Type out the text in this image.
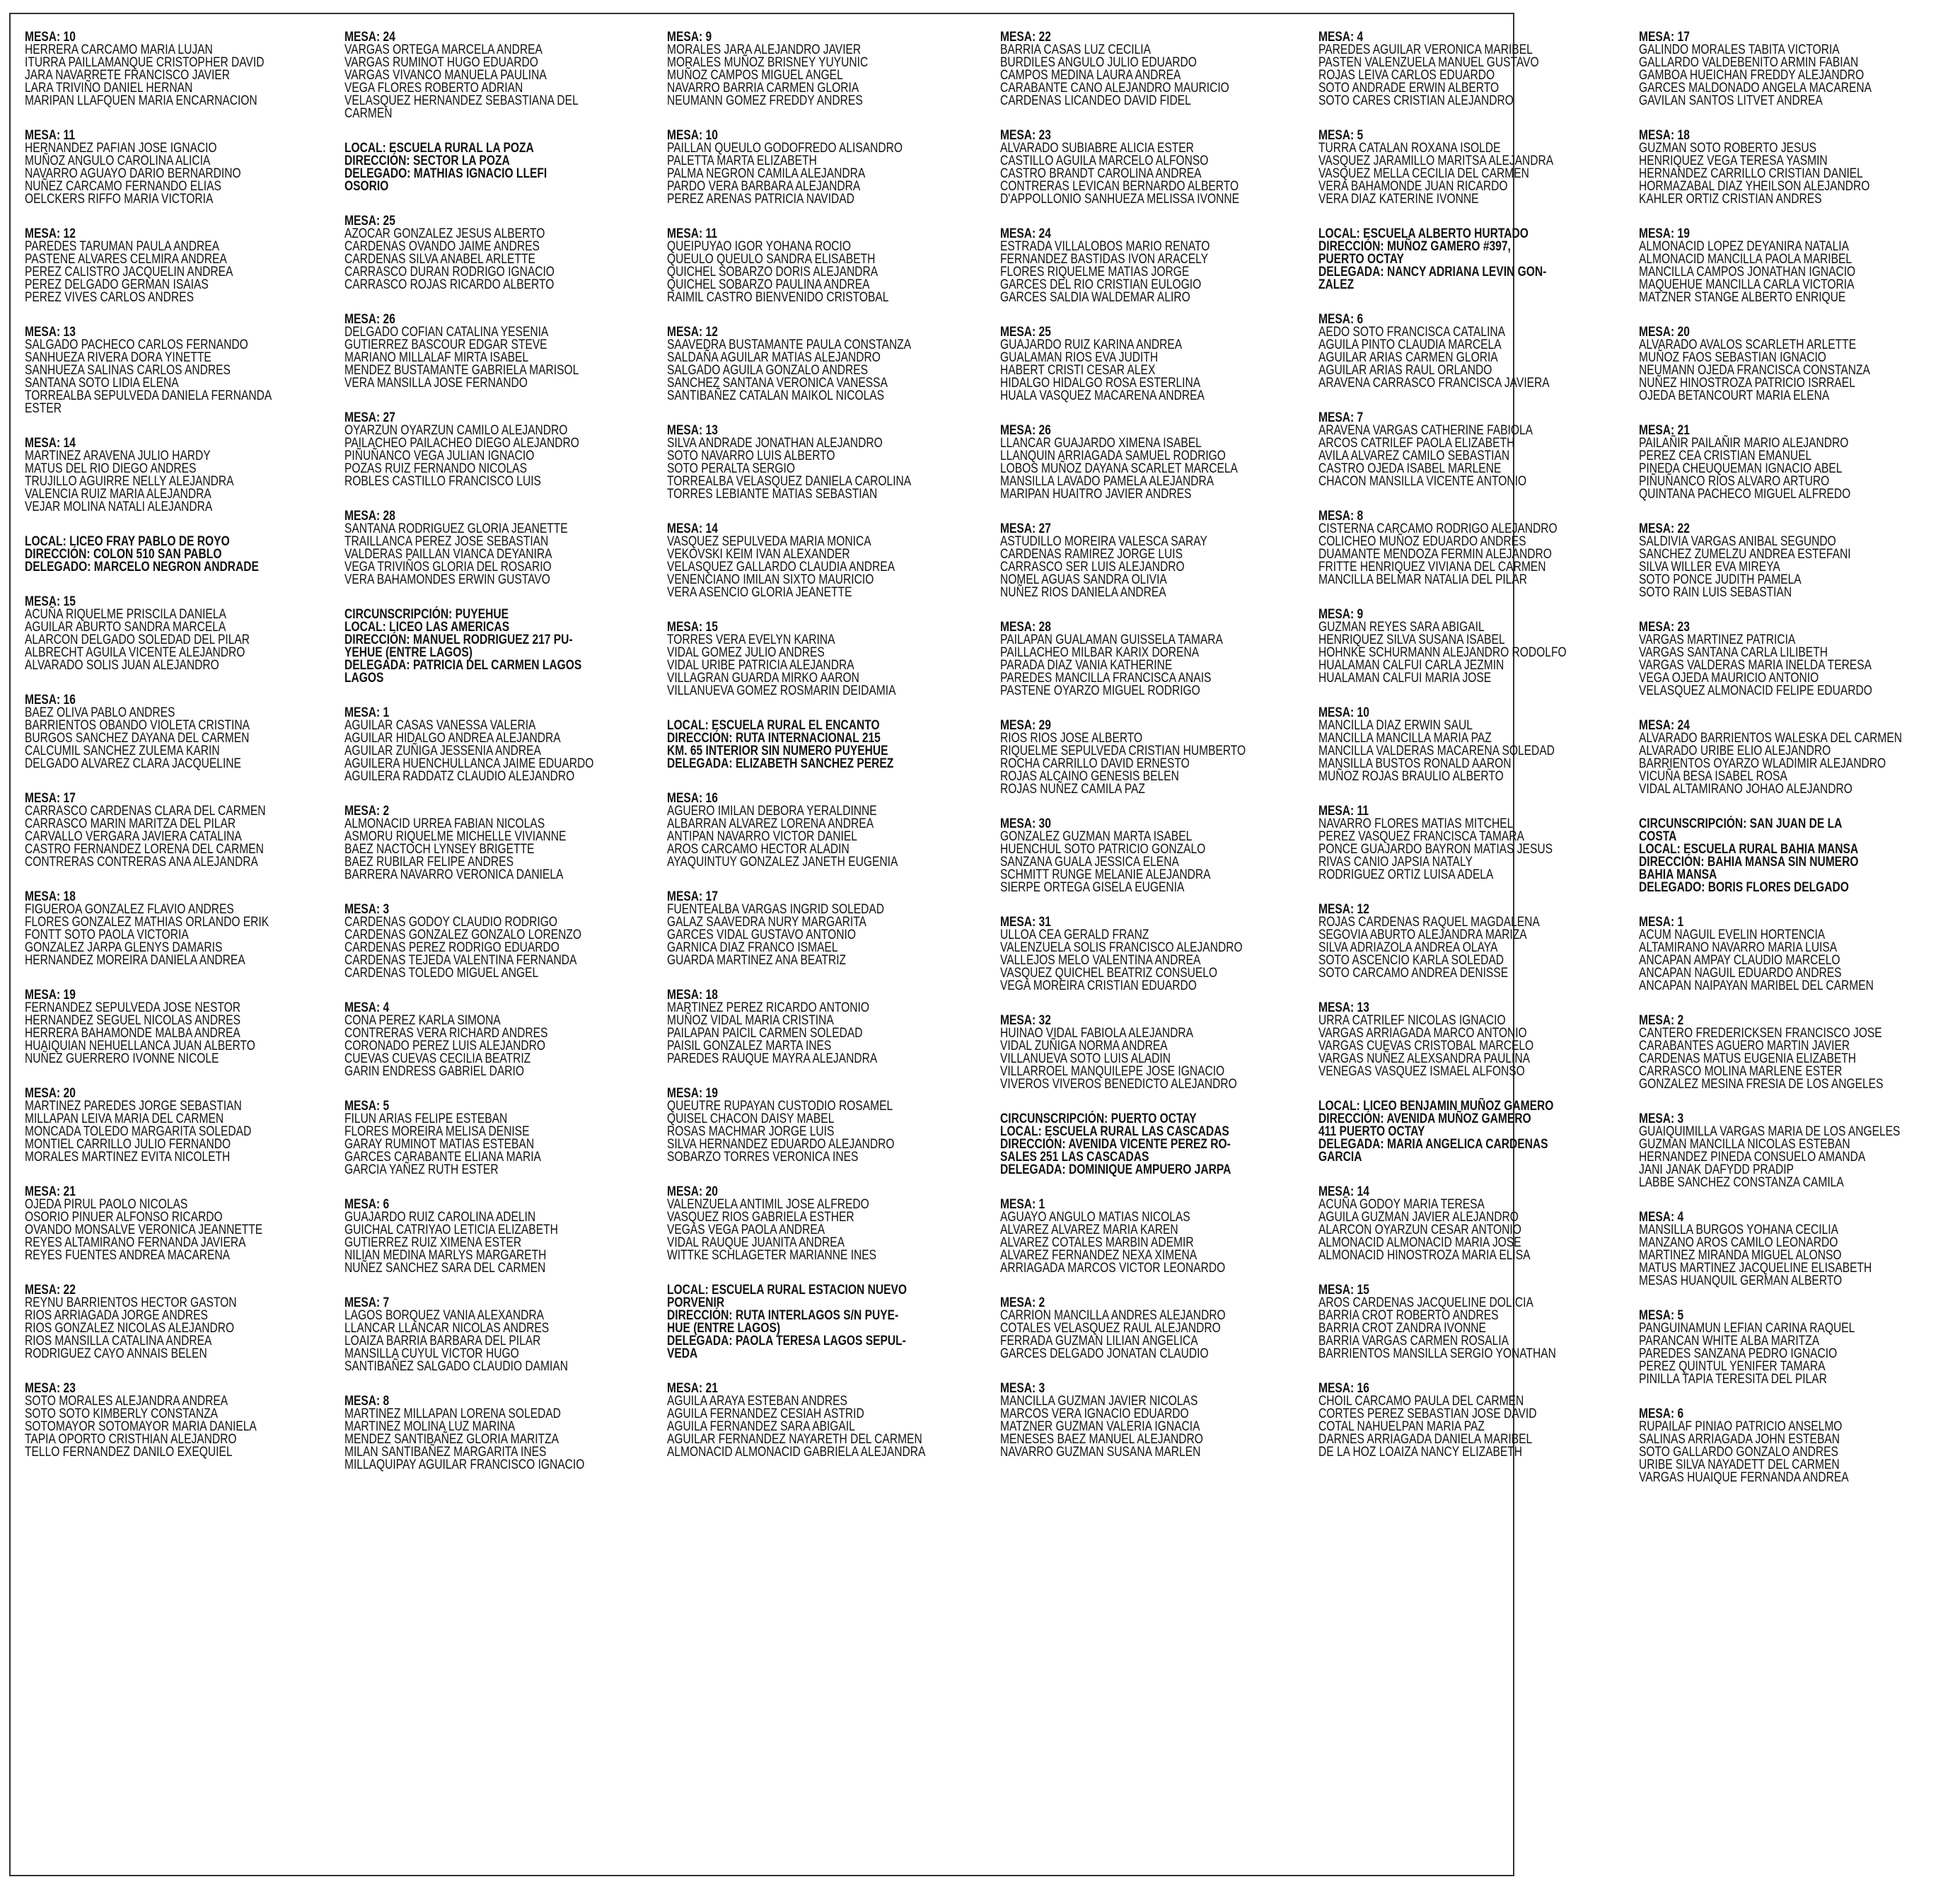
MESA: 10
HERRERA CARCAMO MARIA LUJAN
ITURRA PAILLAMANQUE CRISTOPHER DAVID
JARA NAVARRETE FRANCISCO JAVIER
LARA TRIVIÑO DANIEL HERNAN
MARIPAN LLAFQUEN MARIA ENCARNACION
MESA: 11
HERNANDEZ PAFIAN JOSE IGNACIO
MUÑOZ ANGULO CAROLINA ALICIA
NAVARRO AGUAYO DARIO BERNARDINO
NUÑEZ CARCAMO FERNANDO ELIAS
OELCKERS RIFFO MARIA VICTORIA
MESA: 12
PAREDES TARUMAN PAULA ANDREA
PASTENE ALVARES CELMIRA ANDREA
PEREZ CALISTRO JACQUELIN ANDREA
PEREZ DELGADO GERMAN ISAIAS
PEREZ VIVES CARLOS ANDRES
MESA: 13
SALGADO PACHECO CARLOS FERNANDO
SANHUEZA RIVERA DORA YINETTE
SANHUEZA SALINAS CARLOS ANDRES
SANTANA SOTO LIDIA ELENA
TORREALBA SEPULVEDA DANIELA FERNANDA
ESTER
MESA: 14
MARTINEZ ARAVENA JULIO HARDY
MATUS DEL RIO DIEGO ANDRES
TRUJILLO AGUIRRE NELLY ALEJANDRA
VALENCIA RUIZ MARIA ALEJANDRA
VEJAR MOLINA NATALI ALEJANDRA
LOCAL: LICEO FRAY PABLO DE ROYO
DIRECCIÓN: COLON 510 SAN PABLO
DELEGADO: MARCELO NEGRON ANDRADE
MESA: 15
ACUÑA RIQUELME PRISCILA DANIELA
AGUILAR ABURTO SANDRA MARCELA
ALARCON DELGADO SOLEDAD DEL PILAR
ALBRECHT AGUILA VICENTE ALEJANDRO
ALVARADO SOLIS JUAN ALEJANDRO
MESA: 16
BAEZ OLIVA PABLO ANDRES
BARRIENTOS OBANDO VIOLETA CRISTINA
BURGOS SANCHEZ DAYANA DEL CARMEN
CALCUMIL SANCHEZ ZULEMA KARIN
DELGADO ALVAREZ CLARA JACQUELINE
MESA: 17
CARRASCO CARDENAS CLARA DEL CARMEN
CARRASCO MARIN MARITZA DEL PILAR
CARVALLO VERGARA JAVIERA CATALINA
CASTRO FERNANDEZ LORENA DEL CARMEN
CONTRERAS CONTRERAS ANA ALEJANDRA
MESA: 18
FIGUEROA GONZALEZ FLAVIO ANDRES
FLORES GONZALEZ MATHIAS ORLANDO ERIK
FONTT SOTO PAOLA VICTORIA
GONZALEZ JARPA GLENYS DAMARIS
HERNANDEZ MOREIRA DANIELA ANDREA
MESA: 19
FERNANDEZ SEPULVEDA JOSE NESTOR
HERNANDEZ SEGUEL NICOLAS ANDRES
HERRERA BAHAMONDE MALBA ANDREA
HUAIQUIAN NEHUELLANCA JUAN ALBERTO
NUÑEZ GUERRERO IVONNE NICOLE
MESA: 20
MARTINEZ PAREDES JORGE SEBASTIAN
MILLAPAN LEIVA MARIA DEL CARMEN
MONCADA TOLEDO MARGARITA SOLEDAD
MONTIEL CARRILLO JULIO FERNANDO
MORALES MARTINEZ EVITA NICOLETH
MESA: 21
OJEDA PIRUL PAOLO NICOLAS
OSORIO PINUER ALFONSO RICARDO
OVANDO MONSALVE VERONICA JEANNETTE
REYES ALTAMIRANO FERNANDA JAVIERA
REYES FUENTES ANDREA MACARENA
MESA: 22
REYNU BARRIENTOS HECTOR GASTON
RIOS ARRIAGADA JORGE ANDRES
RIOS GONZALEZ NICOLAS ALEJANDRO
RIOS MANSILLA CATALINA ANDREA
RODRIGUEZ CAYO ANNAIS BELEN
MESA: 23
SOTO MORALES ALEJANDRA ANDREA
SOTO SOTO KIMBERLY CONSTANZA
SOTOMAYOR SOTOMAYOR MARIA DANIELA
TAPIA OPORTO CRISTHIAN ALEJANDRO
TELLO FERNANDEZ DANILO EXEQUIEL
MESA: 24
VARGAS ORTEGA MARCELA ANDREA
VARGAS RUMINOT HUGO EDUARDO
VARGAS VIVANCO MANUELA PAULINA
VEGA FLORES ROBERTO ADRIAN
VELASQUEZ HERNANDEZ SEBASTIANA DEL
CARMEN
LOCAL: ESCUELA RURAL LA POZA
DIRECCIÓN: SECTOR LA POZA
DELEGADO: MATHIAS IGNACIO LLEFI
OSORIO
MESA: 25
AZOCAR GONZALEZ JESUS ALBERTO
CARDENAS OVANDO JAIME ANDRES
CARDENAS SILVA ANABEL ARLETTE
CARRASCO DURAN RODRIGO IGNACIO
CARRASCO ROJAS RICARDO ALBERTO
MESA: 26
DELGADO COFIAN CATALINA YESENIA
GUTIERREZ BASCOUR EDGAR STEVE
MARIANO MILLALAF MIRTA ISABEL
MENDEZ BUSTAMANTE GABRIELA MARISOL
VERA MANSILLA JOSE FERNANDO
MESA: 27
OYARZUN OYARZUN CAMILO ALEJANDRO
PAILACHEO PAILACHEO DIEGO ALEJANDRO
PIÑUÑANCO VEGA JULIAN IGNACIO
POZAS RUIZ FERNANDO NICOLAS
ROBLES CASTILLO FRANCISCO LUIS
MESA: 28
SANTANA RODRIGUEZ GLORIA JEANETTE
TRAILLANCA PEREZ JOSE SEBASTIAN
VALDERAS PAILLAN VIANCA DEYANIRA
VEGA TRIVIÑOS GLORIA DEL ROSARIO
VERA BAHAMONDES ERWIN GUSTAVO
CIRCUNSCRIPCIÓN: PUYEHUE
LOCAL: LICEO LAS AMERICAS
DIRECCIÓN: MANUEL RODRIGUEZ 217 PU-
YEHUE (ENTRE LAGOS)
DELEGADA: PATRICIA DEL CARMEN LAGOS
LAGOS
MESA: 1
AGUILAR CASAS VANESSA VALERIA
AGUILAR HIDALGO ANDREA ALEJANDRA
AGUILAR ZUÑIGA JESSENIA ANDREA
AGUILERA HUENCHULLANCA JAIME EDUARDO
AGUILERA RADDATZ CLAUDIO ALEJANDRO
MESA: 2
ALMONACID URREA FABIAN NICOLAS
ASMORU RIQUELME MICHELLE VIVIANNE
BAEZ NACTOCH LYNSEY BRIGETTE
BAEZ RUBILAR FELIPE ANDRES
BARRERA NAVARRO VERONICA DANIELA
MESA: 3
CARDENAS GODOY CLAUDIO RODRIGO
CARDENAS GONZALEZ GONZALO LORENZO
CARDENAS PEREZ RODRIGO EDUARDO
CARDENAS TEJEDA VALENTINA FERNANDA
CARDENAS TOLEDO MIGUEL ANGEL
MESA: 4
CONA PEREZ KARLA SIMONA
CONTRERAS VERA RICHARD ANDRES
CORONADO PEREZ LUIS ALEJANDRO
CUEVAS CUEVAS CECILIA BEATRIZ
GARIN ENDRESS GABRIEL DARIO
MESA: 5
FILUN ARIAS FELIPE ESTEBAN
FLORES MOREIRA MELISA DENISE
GARAY RUMINOT MATIAS ESTEBAN
GARCES CARABANTE ELIANA MARIA
GARCIA YAÑEZ RUTH ESTER
MESA: 6
GUAJARDO RUIZ CAROLINA ADELIN
GUICHAL CATRIYAO LETICIA ELIZABETH
GUTIERREZ RUIZ XIMENA ESTER
NILIAN MEDINA MARLYS MARGARETH
NUÑEZ SANCHEZ SARA DEL CARMEN
MESA: 7
LAGOS BORQUEZ VANIA ALEXANDRA
LLANCAR LLANCAR NICOLAS ANDRES
LOAIZA BARRIA BARBARA DEL PILAR
MANSILLA CUYUL VICTOR HUGO
SANTIBAÑEZ SALGADO CLAUDIO DAMIAN
MESA: 8
MARTINEZ MILLAPAN LORENA SOLEDAD
MARTINEZ MOLINA LUZ MARINA
MENDEZ SANTIBAÑEZ GLORIA MARITZA
MILAN SANTIBAÑEZ MARGARITA INES
MILLAQUIPAY AGUILAR FRANCISCO IGNACIO
MESA: 9
MORALES JARA ALEJANDRO JAVIER
MORALES MUÑOZ BRISNEY YUYUNIC
MUÑOZ CAMPOS MIGUEL ANGEL
NAVARRO BARRIA CARMEN GLORIA
NEUMANN GOMEZ FREDDY ANDRES
MESA: 10
PAILLAN QUEULO GODOFREDO ALISANDRO
PALETTA MARTA ELIZABETH
PALMA NEGRON CAMILA ALEJANDRA
PARDO VERA BARBARA ALEJANDRA
PEREZ ARENAS PATRICIA NAVIDAD
MESA: 11
QUEIPUYAO IGOR YOHANA ROCIO
QUEULO QUEULO SANDRA ELISABETH
QUICHEL SOBARZO DORIS ALEJANDRA
QUICHEL SOBARZO PAULINA ANDREA
RAIMIL CASTRO BIENVENIDO CRISTOBAL
MESA: 12
SAAVEDRA BUSTAMANTE PAULA CONSTANZA
SALDAÑA AGUILAR MATIAS ALEJANDRO
SALGADO AGUILA GONZALO ANDRES
SANCHEZ SANTANA VERONICA VANESSA
SANTIBAÑEZ CATALAN MAIKOL NICOLAS
MESA: 13
SILVA ANDRADE JONATHAN ALEJANDRO
SOTO NAVARRO LUIS ALBERTO
SOTO PERALTA SERGIO
TORREALBA VELASQUEZ DANIELA CAROLINA
TORRES LEBIANTE MATIAS SEBASTIAN
MESA: 14
VASQUEZ SEPULVEDA MARIA MONICA
VEKOVSKI KEIM IVAN ALEXANDER
VELASQUEZ GALLARDO CLAUDIA ANDREA
VENENCIANO IMILAN SIXTO MAURICIO
VERA ASENCIO GLORIA JEANETTE
MESA: 15
TORRES VERA EVELYN KARINA
VIDAL GOMEZ JULIO ANDRES
VIDAL URIBE PATRICIA ALEJANDRA
VILLAGRAN GUARDA MIRKO AARON
VILLANUEVA GOMEZ ROSMARIN DEIDAMIA
LOCAL: ESCUELA RURAL EL ENCANTO
DIRECCIÓN: RUTA INTERNACIONAL 215
KM. 65 INTERIOR SIN NUMERO PUYEHUE
DELEGADA: ELIZABETH SANCHEZ PEREZ
MESA: 16
AGUERO IMILAN DEBORA YERALDINNE
ALBARRAN ALVAREZ LORENA ANDREA
ANTIPAN NAVARRO VICTOR DANIEL
AROS CARCAMO HECTOR ALADIN
AYAQUINTUY GONZALEZ JANETH EUGENIA
MESA: 17
FUENTEALBA VARGAS INGRID SOLEDAD
GALAZ SAAVEDRA NURY MARGARITA
GARCES VIDAL GUSTAVO ANTONIO
GARNICA DIAZ FRANCO ISMAEL
GUARDA MARTINEZ ANA BEATRIZ
MESA: 18
MARTINEZ PEREZ RICARDO ANTONIO
MUÑOZ VIDAL MARIA CRISTINA
PAILAPAN PAICIL CARMEN SOLEDAD
PAISIL GONZALEZ MARTA INES
PAREDES RAUQUE MAYRA ALEJANDRA
MESA: 19
QUEUTRE RUPAYAN CUSTODIO ROSAMEL
QUISEL CHACON DAISY MABEL
ROSAS MACHMAR JORGE LUIS
SILVA HERNANDEZ EDUARDO ALEJANDRO
SOBARZO TORRES VERONICA INES
MESA: 20
VALENZUELA ANTIMIL JOSE ALFREDO
VASQUEZ RIOS GABRIELA ESTHER
VEGAS VEGA PAOLA ANDREA
VIDAL RAUQUE JUANITA ANDREA
WITTKE SCHLAGETER MARIANNE INES
LOCAL: ESCUELA RURAL ESTACION NUEVO
PORVENIR
DIRECCIÓN: RUTA INTERLAGOS S/N PUYE-
HUE (ENTRE LAGOS)
DELEGADA: PAOLA TERESA LAGOS SEPUL-
VEDA
MESA: 21
AGUILA ARAYA ESTEBAN ANDRES
AGUILA FERNANDEZ CESIAH ASTRID
AGUILA FERNANDEZ SARA ABIGAIL
AGUILAR FERNANDEZ NAYARETH DEL CARMEN
ALMONACID ALMONACID GABRIELA ALEJANDRA
MESA: 22
BARRIA CASAS LUZ CECILIA
BURDILES ANGULO JULIO EDUARDO
CAMPOS MEDINA LAURA ANDREA
CARABANTE CANO ALEJANDRO MAURICIO
CARDENAS LICANDEO DAVID FIDEL
MESA: 23
ALVARADO SUBIABRE ALICIA ESTER
CASTILLO AGUILA MARCELO ALFONSO
CASTRO BRANDT CAROLINA ANDREA
CONTRERAS LEVICAN BERNARDO ALBERTO
D'APPOLLONIO SANHUEZA MELISSA IVONNE
MESA: 24
ESTRADA VILLALOBOS MARIO RENATO
FERNANDEZ BASTIDAS IVON ARACELY
FLORES RIQUELME MATIAS JORGE
GARCES DEL RIO CRISTIAN EULOGIO
GARCES SALDIA WALDEMAR ALIRO
MESA: 25
GUAJARDO RUIZ KARINA ANDREA
GUALAMAN RIOS EVA JUDITH
HABERT CRISTI CESAR ALEX
HIDALGO HIDALGO ROSA ESTERLINA
HUALA VASQUEZ MACARENA ANDREA
MESA: 26
LLANCAR GUAJARDO XIMENA ISABEL
LLANQUIN ARRIAGADA SAMUEL RODRIGO
LOBOS MUÑOZ DAYANA SCARLET MARCELA
MANSILLA LAVADO PAMELA ALEJANDRA
MARIPAN HUAITRO JAVIER ANDRES
MESA: 27
ASTUDILLO MOREIRA VALESCA SARAY
CARDENAS RAMIREZ JORGE LUIS
CARRASCO SER LUIS ALEJANDRO
NOMEL AGUAS SANDRA OLIVIA
NUÑEZ RIOS DANIELA ANDREA
MESA: 28
PAILAPAN GUALAMAN GUISSELA TAMARA
PAILLACHEO MILBAR KARIX DORENA
PARADA DIAZ VANIA KATHERINE
PAREDES MANCILLA FRANCISCA ANAIS
PASTENE OYARZO MIGUEL RODRIGO
MESA: 29
RIOS RIOS JOSE ALBERTO
RIQUELME SEPULVEDA CRISTIAN HUMBERTO
ROCHA CARRILLO DAVID ERNESTO
ROJAS ALCAINO GENESIS BELEN
ROJAS NUÑEZ CAMILA PAZ
MESA: 30
GONZALEZ GUZMAN MARTA ISABEL
HUENCHUL SOTO PATRICIO GONZALO
SANZANA GUALA JESSICA ELENA
SCHMITT RUNGE MELANIE ALEJANDRA
SIERPE ORTEGA GISELA EUGENIA
MESA: 31
ULLOA CEA GERALD FRANZ
VALENZUELA SOLIS FRANCISCO ALEJANDRO
VALLEJOS MELO VALENTINA ANDREA
VASQUEZ QUICHEL BEATRIZ CONSUELO
VEGA MOREIRA CRISTIAN EDUARDO
MESA: 32
HUINAO VIDAL FABIOLA ALEJANDRA
VIDAL ZUÑIGA NORMA ANDREA
VILLANUEVA SOTO LUIS ALADIN
VILLARROEL MANQUILEPE JOSE IGNACIO
VIVEROS VIVEROS BENEDICTO ALEJANDRO
CIRCUNSCRIPCIÓN: PUERTO OCTAY
LOCAL: ESCUELA RURAL LAS CASCADAS
DIRECCIÓN: AVENIDA VICENTE PEREZ RO-
SALES 251 LAS CASCADAS
DELEGADA: DOMINIQUE AMPUERO JARPA
MESA: 1
AGUAYO ANGULO MATIAS NICOLAS
ALVAREZ ALVAREZ MARIA KAREN
ALVAREZ COTALES MARBIN ADEMIR
ALVAREZ FERNANDEZ NEXA XIMENA
ARRIAGADA MARCOS VICTOR LEONARDO
MESA: 2
CARRION MANCILLA ANDRES ALEJANDRO
COTALES VELASQUEZ RAUL ALEJANDRO
FERRADA GUZMAN LILIAN ANGELICA
GARCES DELGADO JONATAN CLAUDIO
MESA: 3
MANCILLA GUZMAN JAVIER NICOLAS
MARCOS VERA IGNACIO EDUARDO
MATZNER GUZMAN VALERIA IGNACIA
MENESES BAEZ MANUEL ALEJANDRO
NAVARRO GUZMAN SUSANA MARLEN
MESA: 4
PAREDES AGUILAR VERONICA MARIBEL
PASTEN VALENZUELA MANUEL GUSTAVO
ROJAS LEIVA CARLOS EDUARDO
SOTO ANDRADE ERWIN ALBERTO
SOTO CARES CRISTIAN ALEJANDRO
MESA: 5
TURRA CATALAN ROXANA ISOLDE
VASQUEZ JARAMILLO MARITSA ALEJANDRA
VASQUEZ MELLA CECILIA DEL CARMEN
VERA BAHAMONDE JUAN RICARDO
VERA DIAZ KATERINE IVONNE
LOCAL: ESCUELA ALBERTO HURTADO
DIRECCIÓN: MUÑOZ GAMERO #397,
PUERTO OCTAY
DELEGADA: NANCY ADRIANA LEVIN GON-
ZALEZ
MESA: 6
AEDO SOTO FRANCISCA CATALINA
AGUILA PINTO CLAUDIA MARCELA
AGUILAR ARIAS CARMEN GLORIA
AGUILAR ARIAS RAUL ORLANDO
ARAVENA CARRASCO FRANCISCA JAVIERA
MESA: 7
ARAVENA VARGAS CATHERINE FABIOLA
ARCOS CATRILEF PAOLA ELIZABETH
AVILA ALVAREZ CAMILO SEBASTIAN
CASTRO OJEDA ISABEL MARLENE
CHACON MANSILLA VICENTE ANTONIO
MESA: 8
CISTERNA CARCAMO RODRIGO ALEJANDRO
COLICHEO MUÑOZ EDUARDO ANDRES
DUAMANTE MENDOZA FERMIN ALEJANDRO
FRITTE HENRIQUEZ VIVIANA DEL CARMEN
MANCILLA BELMAR NATALIA DEL PILAR
MESA: 9
GUZMAN REYES SARA ABIGAIL
HENRIQUEZ SILVA SUSANA ISABEL
HOHNKE SCHURMANN ALEJANDRO RODOLFO
HUALAMAN CALFUI CARLA JEZMIN
HUALAMAN CALFUI MARIA JOSE
MESA: 10
MANCILLA DIAZ ERWIN SAUL
MANCILLA MANCILLA MARIA PAZ
MANCILLA VALDERAS MACARENA SOLEDAD
MANSILLA BUSTOS RONALD AARON
MUÑOZ ROJAS BRAULIO ALBERTO
MESA: 11
NAVARRO FLORES MATIAS MITCHEL
PEREZ VASQUEZ FRANCISCA TAMARA
PONCE GUAJARDO BAYRON MATIAS JESUS
RIVAS CANIO JAPSIA NATALY
RODRIGUEZ ORTIZ LUISA ADELA
MESA: 12
ROJAS CARDENAS RAQUEL MAGDALENA
SEGOVIA ABURTO ALEJANDRA MARIZA
SILVA ADRIAZOLA ANDREA OLAYA
SOTO ASCENCIO KARLA SOLEDAD
SOTO CARCAMO ANDREA DENISSE
MESA: 13
URRA CATRILEF NICOLAS IGNACIO
VARGAS ARRIAGADA MARCO ANTONIO
VARGAS CUEVAS CRISTOBAL MARCELO
VARGAS NUÑEZ ALEXSANDRA PAULINA
VENEGAS VASQUEZ ISMAEL ALFONSO
LOCAL: LICEO BENJAMIN MUÑOZ GAMERO
DIRECCIÓN: AVENIDA MUÑOZ GAMERO
411 PUERTO OCTAY
DELEGADA: MARIA ANGELICA CARDENAS
GARCIA
MESA: 14
ACUÑA GODOY MARIA TERESA
AGUILA GUZMAN JAVIER ALEJANDRO
ALARCON OYARZUN CESAR ANTONIO
ALMONACID ALMONACID MARIA JOSE
ALMONACID HINOSTROZA MARIA ELISA
MESA: 15
AROS CARDENAS JACQUELINE DOLICIA
BARRIA CROT ROBERTO ANDRES
BARRIA CROT ZANDRA IVONNE
BARRIA VARGAS CARMEN ROSALIA
BARRIENTOS MANSILLA SERGIO YONATHAN
MESA: 16
CHOIL CARCAMO PAULA DEL CARMEN
CORTES PEREZ SEBASTIAN JOSE DAVID
COTAL NAHUELPAN MARIA PAZ
DARNES ARRIAGADA DANIELA MARIBEL
DE LA HOZ LOAIZA NANCY ELIZABETH
MESA: 17
GALINDO MORALES TABITA VICTORIA
GALLARDO VALDEBENITO ARMIN FABIAN
GAMBOA HUEICHAN FREDDY ALEJANDRO
GARCES MALDONADO ANGELA MACARENA
GAVILAN SANTOS LITVET ANDREA
MESA: 18
GUZMAN SOTO ROBERTO JESUS
HENRIQUEZ VEGA TERESA YASMIN
HERNANDEZ CARRILLO CRISTIAN DANIEL
HORMAZABAL DIAZ YHEILSON ALEJANDRO
KAHLER ORTIZ CRISTIAN ANDRES
MESA: 19
ALMONACID LOPEZ DEYANIRA NATALIA
ALMONACID MANCILLA PAOLA MARIBEL
MANCILLA CAMPOS JONATHAN IGNACIO
MAQUEHUE MANCILLA CARLA VICTORIA
MATZNER STANGE ALBERTO ENRIQUE
MESA: 20
ALVARADO AVALOS SCARLETH ARLETTE
MUÑOZ FAOS SEBASTIAN IGNACIO
NEUMANN OJEDA FRANCISCA CONSTANZA
NUÑEZ HINOSTROZA PATRICIO ISRRAEL
OJEDA BETANCOURT MARIA ELENA
MESA: 21
PAILAÑIR PAILAÑIR MARIO ALEJANDRO
PEREZ CEA CRISTIAN EMANUEL
PINEDA CHEUQUEMAN IGNACIO ABEL
PIÑUÑANCO RIOS ALVARO ARTURO
QUINTANA PACHECO MIGUEL ALFREDO
MESA: 22
SALDIVIA VARGAS ANIBAL SEGUNDO
SANCHEZ ZUMELZU ANDREA ESTEFANI
SILVA WILLER EVA MIREYA
SOTO PONCE JUDITH PAMELA
SOTO RAIN LUIS SEBASTIAN
MESA: 23
VARGAS MARTINEZ PATRICIA
VARGAS SANTANA CARLA LILIBETH
VARGAS VALDERAS MARIA INELDA TERESA
VEGA OJEDA MAURICIO ANTONIO
VELASQUEZ ALMONACID FELIPE EDUARDO
MESA: 24
ALVARADO BARRIENTOS WALESKA DEL CARMEN
ALVARADO URIBE ELIO ALEJANDRO
BARRIENTOS OYARZO WLADIMIR ALEJANDRO
VICUÑA BESA ISABEL ROSA
VIDAL ALTAMIRANO JOHAO ALEJANDRO
CIRCUNSCRIPCIÓN: SAN JUAN DE LA
COSTA
LOCAL: ESCUELA RURAL BAHIA MANSA
DIRECCIÓN: BAHIA MANSA SIN NUMERO
BAHIA MANSA
DELEGADO: BORIS FLORES DELGADO
MESA: 1
ACUM NAGUIL EVELIN HORTENCIA
ALTAMIRANO NAVARRO MARIA LUISA
ANCAPAN AMPAY CLAUDIO MARCELO
ANCAPAN NAGUIL EDUARDO ANDRES
ANCAPAN NAIPAYAN MARIBEL DEL CARMEN
MESA: 2
CANTERO FREDERICKSEN FRANCISCO JOSE
CARABANTES AGUERO MARTIN JAVIER
CARDENAS MATUS EUGENIA ELIZABETH
CARRASCO MOLINA MARLENE ESTER
GONZALEZ MESINA FRESIA DE LOS ANGELES
MESA: 3
GUAIQUIMILLA VARGAS MARIA DE LOS ANGELES
GUZMAN MANCILLA NICOLAS ESTEBAN
HERNANDEZ PINEDA CONSUELO AMANDA
JANI JANAK DAFYDD PRADIP
LABBE SANCHEZ CONSTANZA CAMILA
MESA: 4
MANSILLA BURGOS YOHANA CECILIA
MANZANO AROS CAMILO LEONARDO
MARTINEZ MIRANDA MIGUEL ALONSO
MATUS MARTINEZ JACQUELINE ELISABETH
MESAS HUANQUIL GERMAN ALBERTO
MESA: 5
PANGUINAMUN LEFIAN CARINA RAQUEL
PARANCAN WHITE ALBA MARITZA
PAREDES SANZANA PEDRO IGNACIO
PEREZ QUINTUL YENIFER TAMARA
PINILLA TAPIA TERESITA DEL PILAR
MESA: 6
RUPAILAF PINIAO PATRICIO ANSELMO
SALINAS ARRIAGADA JOHN ESTEBAN
SOTO GALLARDO GONZALO ANDRES
URIBE SILVA NAYADETT DEL CARMEN
VARGAS HUAIQUE FERNANDA ANDREA
